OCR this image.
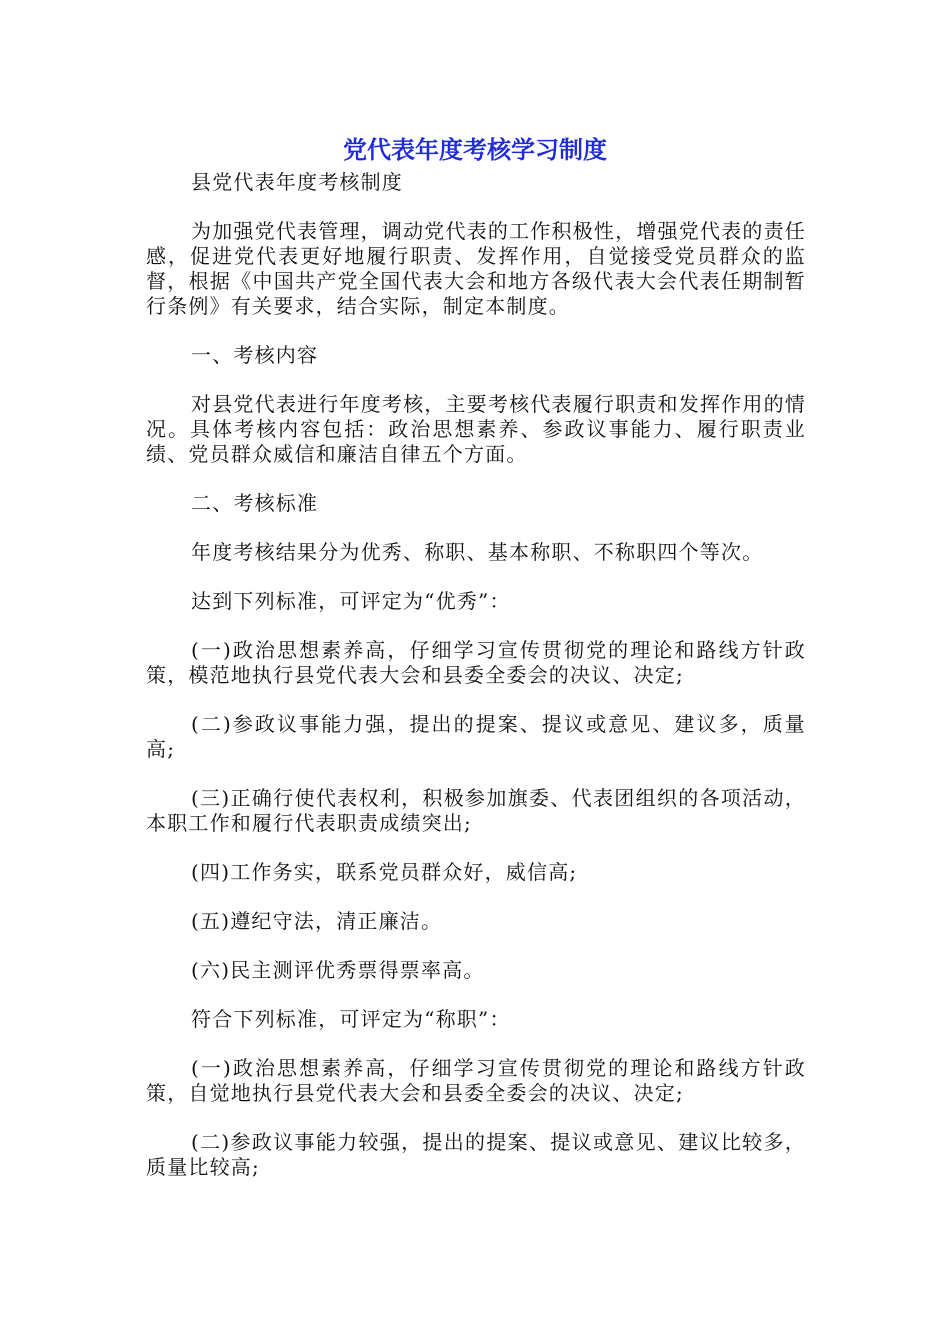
党代表年度考核学习制度

县党代表年度考核制度

为加强党代表管理，调动党代表的工作积极性，增强党代表的责任感，促进党代表更好地履行职责、发挥作用，自觉接受党员群众的监督，根据《中国共产党全国代表大会和地方各级代表大会代表任期制暂行条例》有关要求，结合实际，制定本制度。

一、考核内容

对县党代表进行年度考核，主要考核代表履行职责和发挥作用的情况。具体考核内容包括：政治思想素养、参政议事能力、履行职责业绩、党员群众威信和廉洁自律五个方面。

二、考核标准

年度考核结果分为优秀、称职、基本称职、不称职四个等次。

达到下列标准，可评定为“优秀”：

(一)政治思想素养高，仔细学习宣传贯彻党的理论和路线方针政策，模范地执行县党代表大会和县委全委会的决议、决定;

(二)参政议事能力强，提出的提案、提议或意见、建议多，质量高;

(三)正确行使代表权利，积极参加旗委、代表团组织的各项活动，本职工作和履行代表职责成绩突出;

(四)工作务实，联系党员群众好，威信高;

(五)遵纪守法，清正廉洁。

(六)民主测评优秀票得票率高。

符合下列标准，可评定为“称职”：

(一)政治思想素养高，仔细学习宣传贯彻党的理论和路线方针政策，自觉地执行县党代表大会和县委全委会的决议、决定;

(二)参政议事能力较强，提出的提案、提议或意见、建议比较多，质量比较高;
